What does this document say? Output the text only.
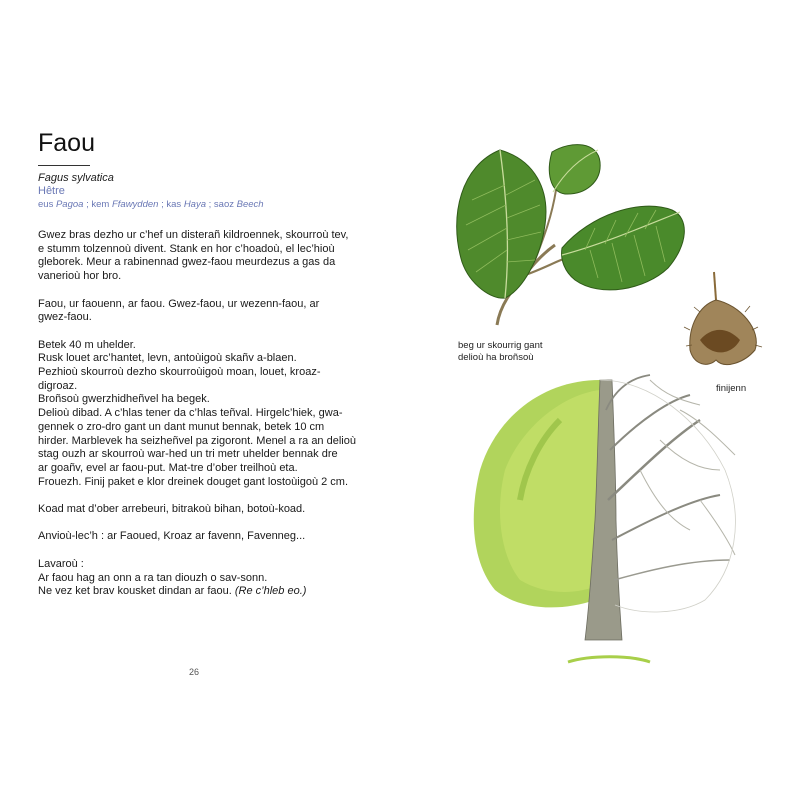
Faou
Fagus sylvatica
Hêtre
eus Pagoa ; kem Ffawydden ; kas Haya ; saoz Beech

Gwez bras dezho ur c’hef un disterañ kildroennek, skourroù tev,
e stumm tolzennoù divent. Stank en hor c’hoadoù, el lec’hioù
gleborek. Meur a rabinennad gwez-faou meurdezus a gas da
vanerioù hor bro.

Faou, ur faouenn, ar faou. Gwez-faou, ur wezenn-faou, ar
gwez-faou.

Betek 40 m uhelder.
Rusk louet arc’hantet, levn, antoùigoù skañv a-blaen.
Pezhioù skourroù dezho skourroùigoù moan, louet, kroaz-
digroaz.
Broñsoù gwerzhidheñvel ha begek.
Delioù dibad. A c’hlas tener da c’hlas teñval. Hirgelc’hiek, gwa-
gennek o zro-dro gant un dant munut bennak, betek 10 cm
hirder. Marblevek ha seizheñvel pa zigoront. Menel a ra an delioù
stag ouzh ar skourroù war-hed un tri metr uhelder bennak dre
ar goañv, evel ar faou-put. Mat-tre d’ober treilhoù eta.
Frouezh. Finij paket e klor dreinek douget gant lostoùigoù 2 cm.

Koad mat d’ober arrebeuri, bitrakoù bihan, botoù-koad.

Anvioù-lec’h : ar Faoued, Kroaz ar favenn, Favenneg...

Lavaroù :
Ar faou hag an onn a ra tan diouzh o sav-sonn.
Ne vez ket brav kousket dindan ar faou. (Re c’hleb eo.)

26
beg ur skourrig gant
delioù ha broñsoù
finijenn
